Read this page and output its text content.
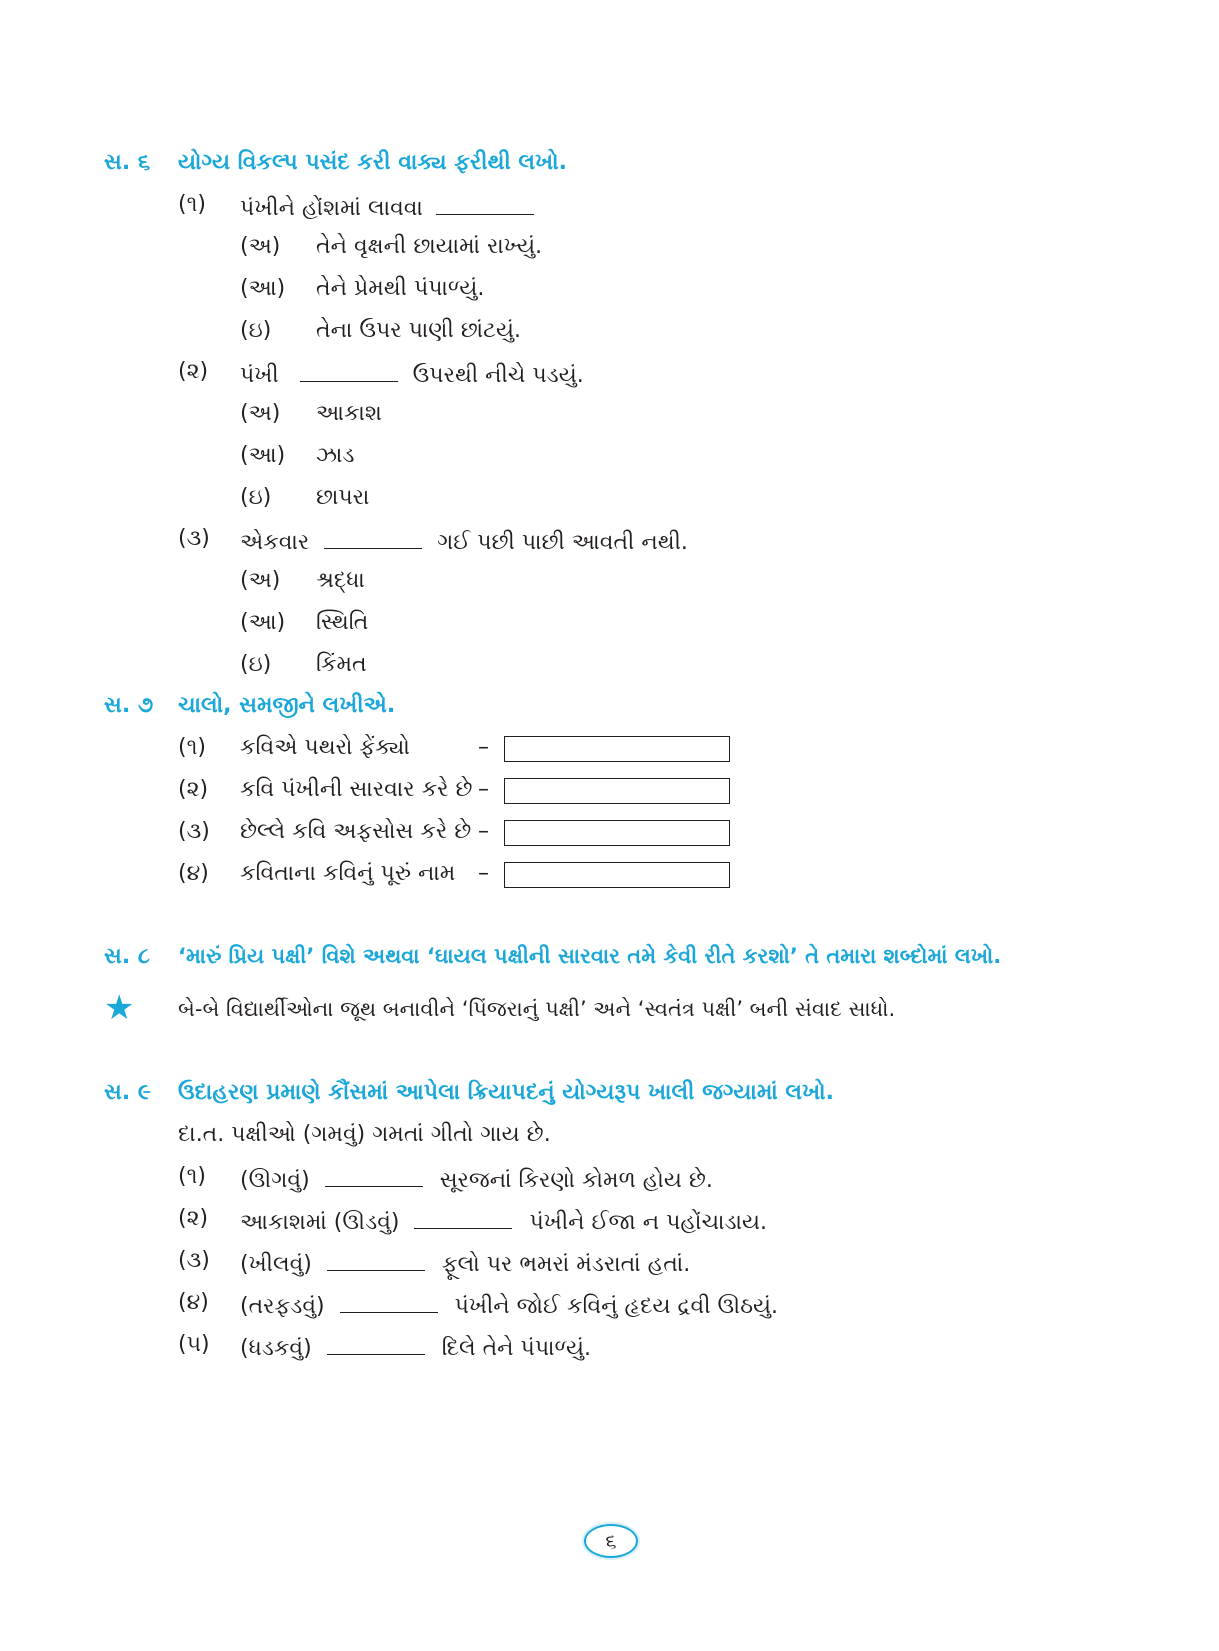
સ. ૬ યોગ્ય વિકલ્પ પસંદ કરી વાક્ય ફરીથી લખો.
(૧) પંખીને હોંશમાં લાવવા
(અ) તેને વૃક્ષની છાયામાં રાખ્યું.
(આ) તેને પ્રેમથી પંપાળ્યું.
(ઇ) તેના ઉપર પાણી છાંટયું.
(૨) પંખી	ઉપરથી નીચે પડયું.
(અ) આકાશ
(આ) ઝાડ
(ઇ) છાપરા
(૩) એકવાર	ગઈ પછી પાછી આવતી નથી.
(અ) શ્રદ્ધા
(આ) સ્થિતિ
(ઇ) કિંમત
સ. ૭ ચાલો, સમજીને લખીએ.
(૧) કવિએ પથરો ફેંક્યો	–
(૨) કવિ પંખીની સારવાર કરે છે –
(૩) છેલ્લે કવિ અફસોસ કરે છે –
(૪) કવિતાના કવિનું પૂરું નામ –
સ. ૮ ‘મારું પ્રિય પક્ષી’ વિશે અથવા ‘ઘાયલ પક્ષીની સારવાર તમે કેવી રીતે કરશો’ તે તમારા શબ્દોમાં લખો.
★ બે-બે વિદ્યાર્થીઓના જૂથ બનાવીને ‘પિંજરાનું પક્ષી’ અને ‘સ્વતંત્ર પક્ષી’ બની સંવાદ સાધો.
સ. ૯ ઉદાહરણ પ્રમાણે કૌંસમાં આપેલા ક્રિયાપદનું યોગ્યરૂપ ખાલી જગ્યામાં લખો.
દા.ત. પક્ષીઓ (ગમવું) ગમતાં ગીતો ગાય છે.
(૧) (ઊગવું)	સૂરજનાં કિરણો કોમળ હોય છે.
(૨) આકાશમાં (ઊડવું)	પંખીને ઈજા ન પહોંચાડાય.
(૩) (ખીલવું)	ફૂલો પર ભમરાં મંડરાતાં હતાં.
(૪) (તરફડવું)	પંખીને જોઈ કવિનું હૃદય દ્રવી ઊઠયું.
(૫) (ધડકવું)	દિલે તેને પંપાળ્યું.
૬
